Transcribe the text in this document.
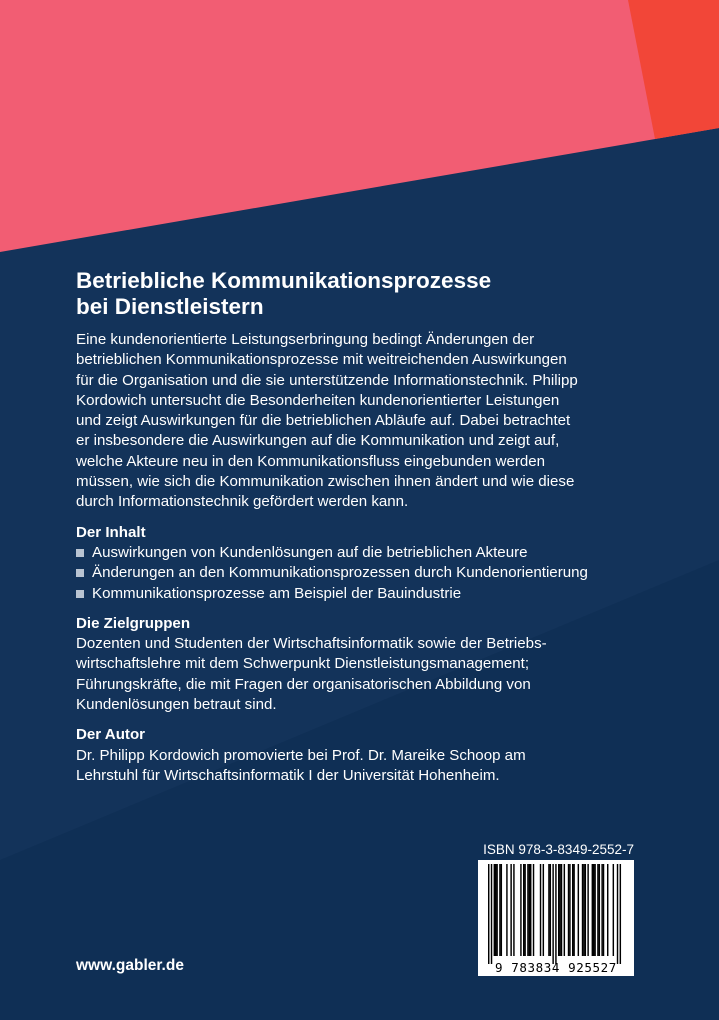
Betriebliche Kommunikationsprozesse
bei Dienstleistern

Eine kundenorientierte Leistungserbringung bedingt Änderungen der
betrieblichen Kommunikationsprozesse mit weitreichenden Auswirkungen
für die Organisation und die sie unterstützende Informationstechnik. Philipp
Kordowich untersucht die Besonderheiten kundenorientierter Leistungen
und zeigt Auswirkungen für die betrieblichen Abläufe auf. Dabei betrachtet
er insbesondere die Auswirkungen auf die Kommunikation und zeigt auf,
welche Akteure neu in den Kommunikationsfluss eingebunden werden
müssen, wie sich die Kommunikation zwischen ihnen ändert und wie diese
durch Informationstechnik gefördert werden kann.

Der Inhalt
Auswirkungen von Kundenlösungen auf die betrieblichen Akteure
Änderungen an den Kommunikationsprozessen durch Kundenorientierung
Kommunikationsprozesse am Beispiel der Bauindustrie
Die Zielgruppen

Dozenten und Studenten der Wirtschaftsinformatik sowie der Betriebs-
wirtschaftslehre mit dem Schwerpunkt Dienstleistungsmanagement;
Führungskräfte, die mit Fragen der organisatorischen Abbildung von
Kundenlösungen betraut sind.

Der Autor

Dr. Philipp Kordowich promovierte bei Prof. Dr. Mareike Schoop am
Lehrstuhl für Wirtschaftsinformatik I der Universität Hohenheim.

ISBN 978-3-8349-2552-7
9 783834 925527
www.gabler.de
